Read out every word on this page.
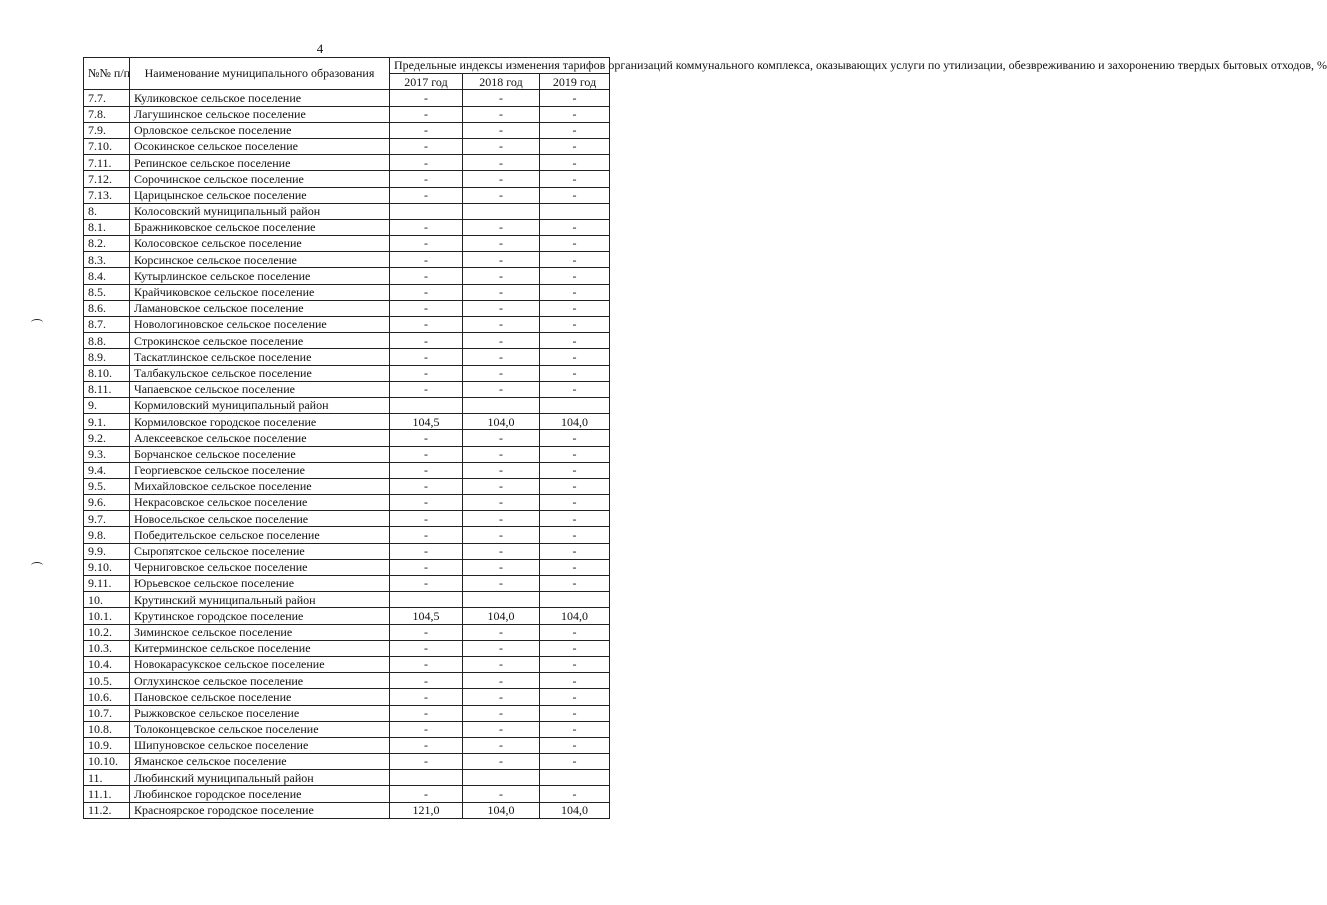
4
№№ п/п	Наименование муниципального образования	Предельные индексы изменения тарифов организаций коммунального комплекса, оказывающих услуги по утилизации, обезвреживанию и захоронению твердых бытовых отходов, %		
		2017 год	2018 год	2019 год
7.7.	Куликовское сельское поселение	-	-	-
7.8.	Лагушинское сельское поселение	-	-	-
7.9.	Орловское сельское поселение	-	-	-
7.10.	Осокинское сельское поселение	-	-	-
7.11.	Репинское сельское поселение	-	-	-
7.12.	Сорочинское сельское поселение	-	-	-
7.13.	Царицынское сельское поселение	-	-	-
8.	Колосовский муниципальный район			
8.1.	Бражниковское сельское поселение	-	-	-
8.2.	Колосовское сельское поселение	-	-	-
8.3.	Корсинское сельское поселение	-	-	-
8.4.	Кутырлинское сельское поселение	-	-	-
8.5.	Крайчиковское сельское поселение	-	-	-
8.6.	Ламановское сельское поселение	-	-	-
8.7.	Новологиновское сельское поселение	-	-	-
8.8.	Строкинское сельское поселение	-	-	-
8.9.	Таскатлинское сельское поселение	-	-	-
8.10.	Талбакульское сельское поселение	-	-	-
8.11.	Чапаевское сельское поселение	-	-	-
9.	Кормиловский муниципальный район			
9.1.	Кормиловское городское поселение	104,5	104,0	104,0
9.2.	Алексеевское сельское поселение	-	-	-
9.3.	Борчанское сельское поселение	-	-	-
9.4.	Георгиевское сельское поселение	-	-	-
9.5.	Михайловское сельское поселение	-	-	-
9.6.	Некрасовское сельское поселение	-	-	-
9.7.	Новосельское сельское поселение	-	-	-
9.8.	Победительское сельское поселение	-	-	-
9.9.	Сыропятское сельское поселение	-	-	-
9.10.	Черниговское сельское поселение	-	-	-
9.11.	Юрьевское сельское поселение	-	-	-
10.	Крутинский муниципальный район			
10.1.	Крутинское городское поселение	104,5	104,0	104,0
10.2.	Зиминское сельское поселение	-	-	-
10.3.	Китерминское сельское поселение	-	-	-
10.4.	Новокарасукское сельское поселение	-	-	-
10.5.	Оглухинское сельское поселение	-	-	-
10.6.	Пановское сельское поселение	-	-	-
10.7.	Рыжковское сельское поселение	-	-	-
10.8.	Толоконцевское сельское поселение	-	-	-
10.9.	Шипуновское сельское поселение	-	-	-
10.10.	Яманское сельское поселение	-	-	-
11.	Любинский муниципальный район			
11.1.	Любинское городское поселение	-	-	-
11.2.	Красноярское городское поселение	121,0	104,0	104,0
